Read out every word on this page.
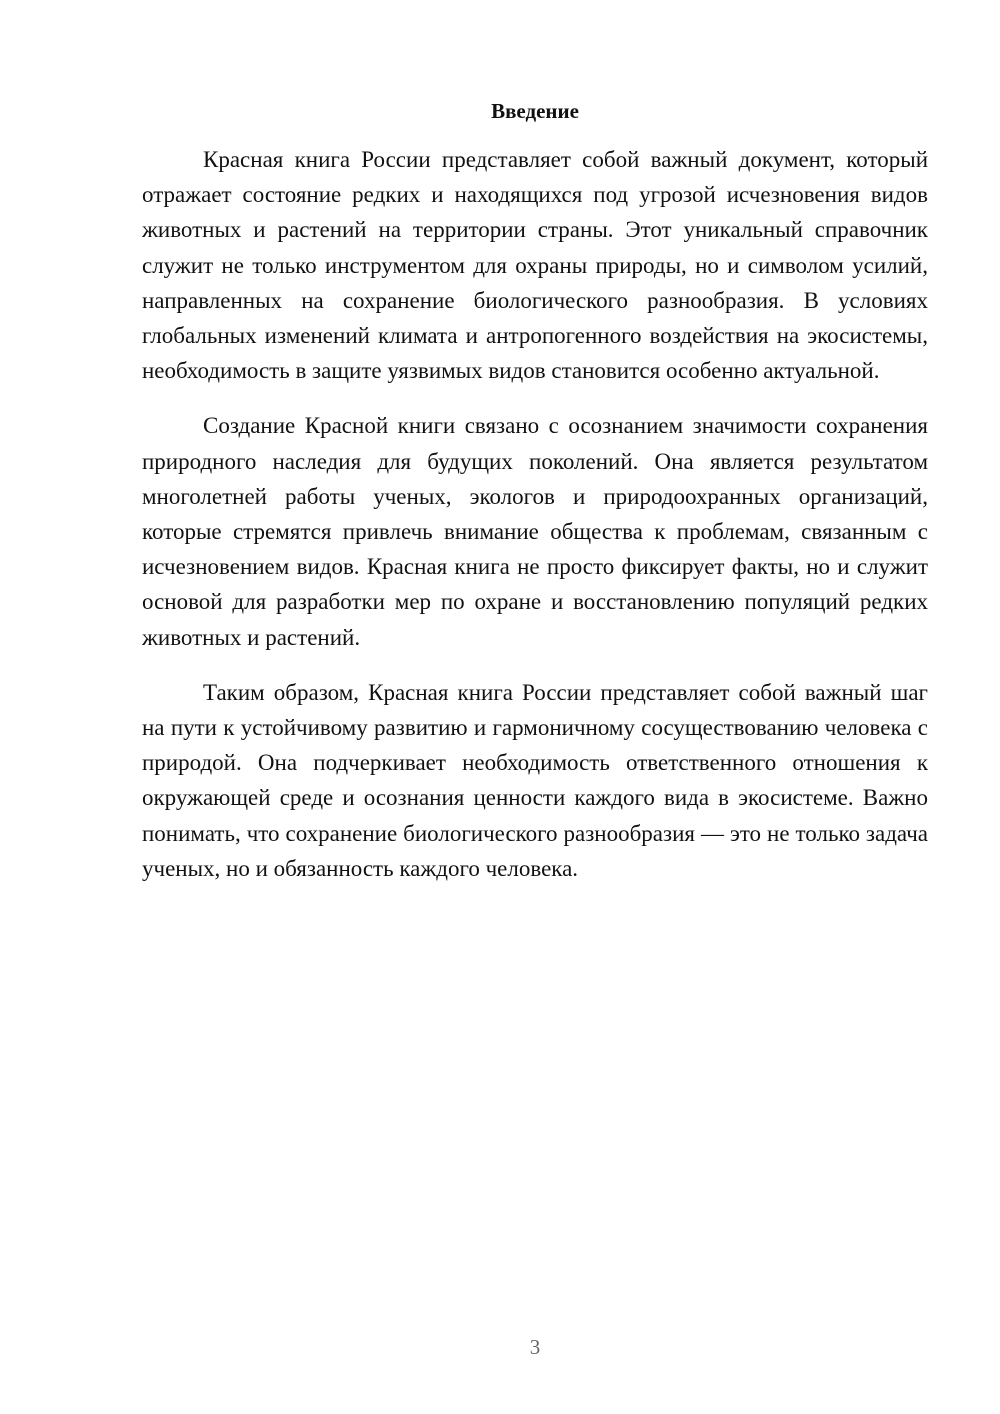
Введение

Красная книга России представляет собой важный документ, который отражает состояние редких и находящихся под угрозой исчезновения видов животных и растений на территории страны. Этот уникальный справочник служит не только инструментом для охраны природы, но и символом усилий, направленных на сохранение биологического разнообразия. В условиях глобальных изменений климата и антропогенного воздействия на экосистемы, необходимость в защите уязвимых видов становится особенно актуальной.

Создание Красной книги связано с осознанием значимости сохранения природного наследия для будущих поколений. Она является результатом многолетней работы ученых, экологов и природоохранных организаций, которые стремятся привлечь внимание общества к проблемам, связанным с исчезновением видов. Красная книга не просто фиксирует факты, но и служит основой для разработки мер по охране и восстановлению популяций редких животных и растений.

Таким образом, Красная книга России представляет собой важный шаг на пути к устойчивому развитию и гармоничному сосуществованию человека с природой. Она подчеркивает необходимость ответственного отношения к окружающей среде и осознания ценности каждого вида в экосистеме. Важно понимать, что сохранение биологического разнообразия — это не только задача ученых, но и обязанность каждого человека.

3
